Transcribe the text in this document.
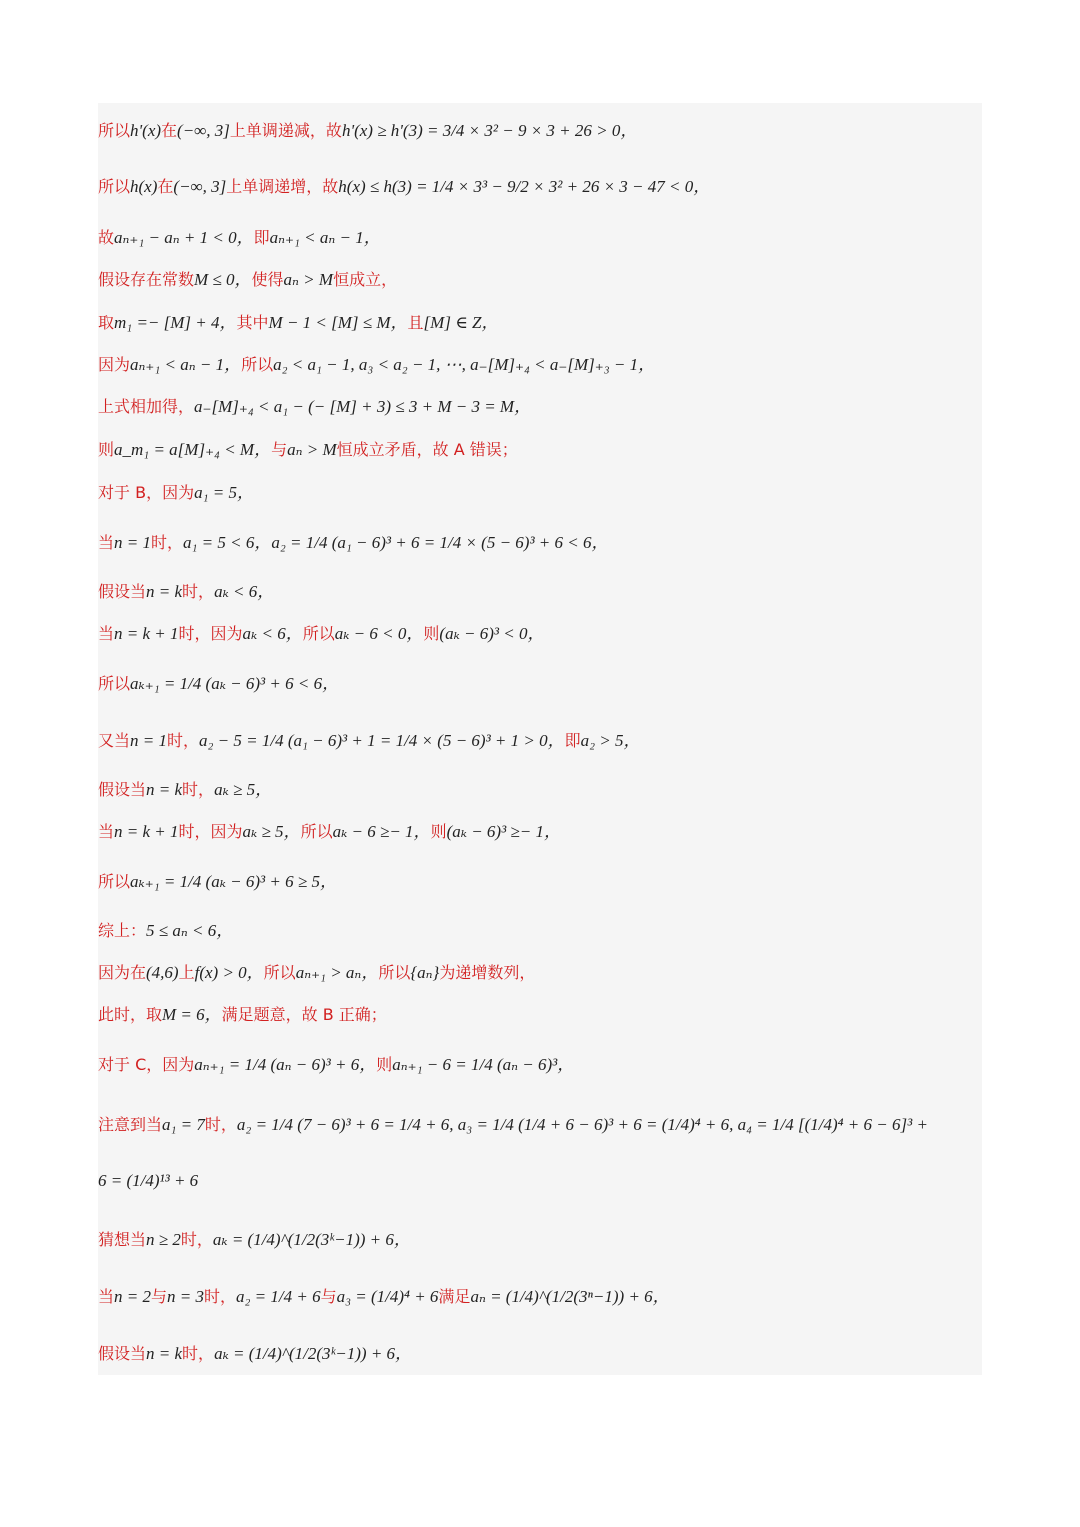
所以h'(x)在(−∞, 3]上单调递减，故h'(x) ≥ h'(3) = 3/4 × 3² − 9 × 3 + 26 > 0，
所以h(x)在(−∞, 3]上单调递增，故h(x) ≤ h(3) = 1/4 × 3³ − 9/2 × 3² + 26 × 3 − 47 < 0，
故aₙ₊₁ − aₙ + 1 < 0，即aₙ₊₁ < aₙ − 1，
假设存在常数M ≤ 0，使得aₙ > M恒成立，
取m₁ =− [M] + 4，其中M − 1 < [M] ≤ M，且[M] ∈ Z，
因为aₙ₊₁ < aₙ − 1，所以a₂ < a₁ − 1, a₃ < a₂ − 1, ⋯, a₋[M]₊₄ < a₋[M]₊₃ − 1，
上式相加得，a₋[M]₊₄ < a₁ − (− [M] + 3) ≤ 3 + M − 3 = M，
则a_m₁ = a[M]₊₄ < M，与aₙ > M恒成立矛盾，故 A 错误；
对于 B，因为a₁ = 5，
当n = 1时，a₁ = 5 < 6，a₂ = 1/4 (a₁ − 6)³ + 6 = 1/4 × (5 − 6)³ + 6 < 6，
假设当n = k时，aₖ < 6，
当n = k + 1时，因为aₖ < 6，所以aₖ − 6 < 0，则(aₖ − 6)³ < 0，
所以aₖ₊₁ = 1/4 (aₖ − 6)³ + 6 < 6，
又当n = 1时，a₂ − 5 = 1/4 (a₁ − 6)³ + 1 = 1/4 × (5 − 6)³ + 1 > 0，即a₂ > 5，
假设当n = k时，aₖ ≥ 5，
当n = k + 1时，因为aₖ ≥ 5，所以aₖ − 6 ≥− 1，则(aₖ − 6)³ ≥− 1，
所以aₖ₊₁ = 1/4 (aₖ − 6)³ + 6 ≥ 5，
综上：5 ≤ aₙ < 6，
因为在(4,6)上f(x) > 0，所以aₙ₊₁ > aₙ，所以{aₙ}为递增数列，
此时，取M = 6，满足题意，故 B 正确；
对于 C，因为aₙ₊₁ = 1/4 (aₙ − 6)³ + 6，则aₙ₊₁ − 6 = 1/4 (aₙ − 6)³，
注意到当a₁ = 7时，a₂ = 1/4 (7 − 6)³ + 6 = 1/4 + 6, a₃ = 1/4 (1/4 + 6 − 6)³ + 6 = (1/4)⁴ + 6, a₄ = 1/4 [(1/4)⁴ + 6 − 6]³ +
6 = (1/4)¹³ + 6
猜想当n ≥ 2时，aₖ = (1/4)^(1/2(3ᵏ−1)) + 6，
当n = 2与n = 3时，a₂ = 1/4 + 6与a₃ = (1/4)⁴ + 6满足aₙ = (1/4)^(1/2(3ⁿ−1)) + 6，
假设当n = k时，aₖ = (1/4)^(1/2(3ᵏ−1)) + 6，
